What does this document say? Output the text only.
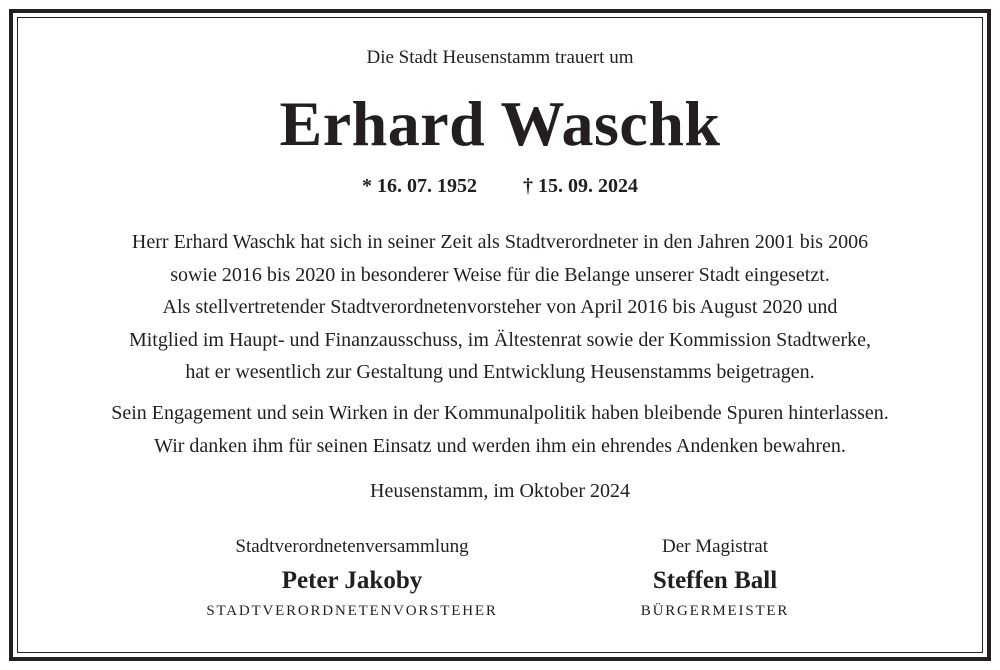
Die Stadt Heusenstamm trauert um
Erhard Waschk
* 16. 07. 1952 † 15. 09. 2024
Herr Erhard Waschk hat sich in seiner Zeit als Stadtverordneter in den Jahren 2001 bis 2006
sowie 2016 bis 2020 in besonderer Weise für die Belange unserer Stadt eingesetzt.
Als stellvertretender Stadtverordnetenvorsteher von April 2016 bis August 2020 und
Mitglied im Haupt- und Finanzausschuss, im Ältestenrat sowie der Kommission Stadtwerke,
hat er wesentlich zur Gestaltung und Entwicklung Heusenstamms beigetragen.
Sein Engagement und sein Wirken in der Kommunalpolitik haben bleibende Spuren hinterlassen.
Wir danken ihm für seinen Einsatz und werden ihm ein ehrendes Andenken bewahren.
Heusenstamm, im Oktober 2024
Stadtverordnetenversammlung
Peter Jakoby
STADTVERORDNETENVORSTEHER
Der Magistrat
Steffen Ball
BÜRGERMEISTER
